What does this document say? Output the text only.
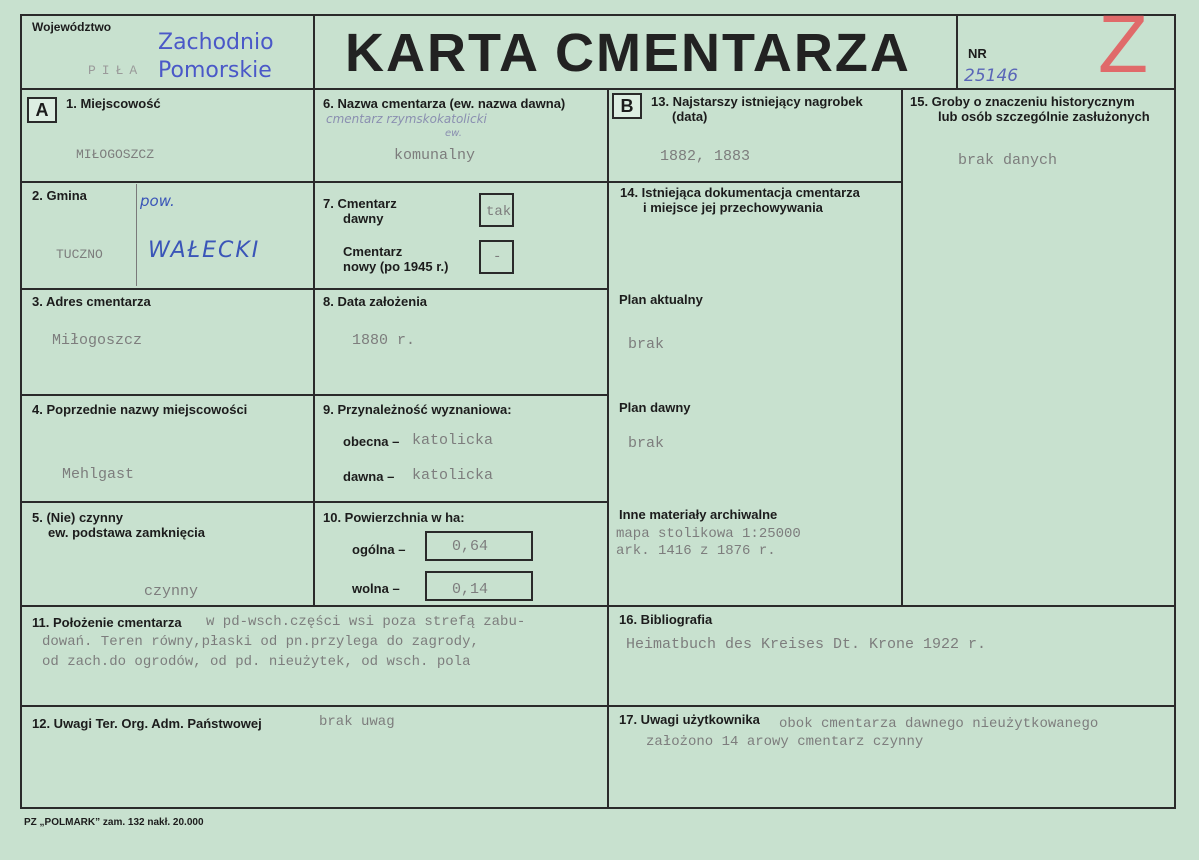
Województwo
PIŁA
Zachodnio
Pomorskie KARTA CMENTARZA	NR
25146 Z
A	B
1. Miejscowość
MIŁOGOSZCZ
2. Gmina	pow.
TUCZNO WAŁECKI
3. Adres cmentarza
Miłogoszcz
4. Poprzednie nazwy miejscowości
Mehlgast
5. (Nie) czynny
ew. podstawa zamknięcia
czynny
6. Nazwa cmentarza (ew. nazwa dawna)
cmentarz rzymskokatolicki
ew.
komunalny
7. Cmentarz
dawny	tak
Cmentarz
nowy (po 1945 r.)
-
8. Data założenia
1880 r.
9. Przynależność wyznaniowa:
obecna – katolicka
dawna – katolicka
10. Powierzchnia w ha:
ogólna –	0,64
wolna –	0,14
11. Położenie cmentarza w pd-wsch.części wsi poza strefą zabu-
dowań. Teren równy,płaski od pn.przylega do zagrody,
od zach.do ogrodów, od pd. nieużytek, od wsch. pola
12. Uwagi Ter. Org. Adm. Państwowej	brak uwag
13. Najstarszy istniejący nagrobek
(data)
1882, 1883
14. Istniejąca dokumentacja cmentarza
i miejsce jej przechowywania
Plan aktualny
brak
Plan dawny
brak
Inne materiały archiwalne
mapa stolikowa 1:25000
ark. 1416 z 1876 r.
15. Groby o znaczeniu historycznym
lub osób szczególnie zasłużonych
brak danych
16. Bibliografia
Heimatbuch des Kreises Dt. Krone 1922 r.
17. Uwagi użytkownika obok cmentarza dawnego nieużytkowanego
założono 14 arowy cmentarz czynny
PZ „POLMARK” zam. 132 nakł. 20.000
